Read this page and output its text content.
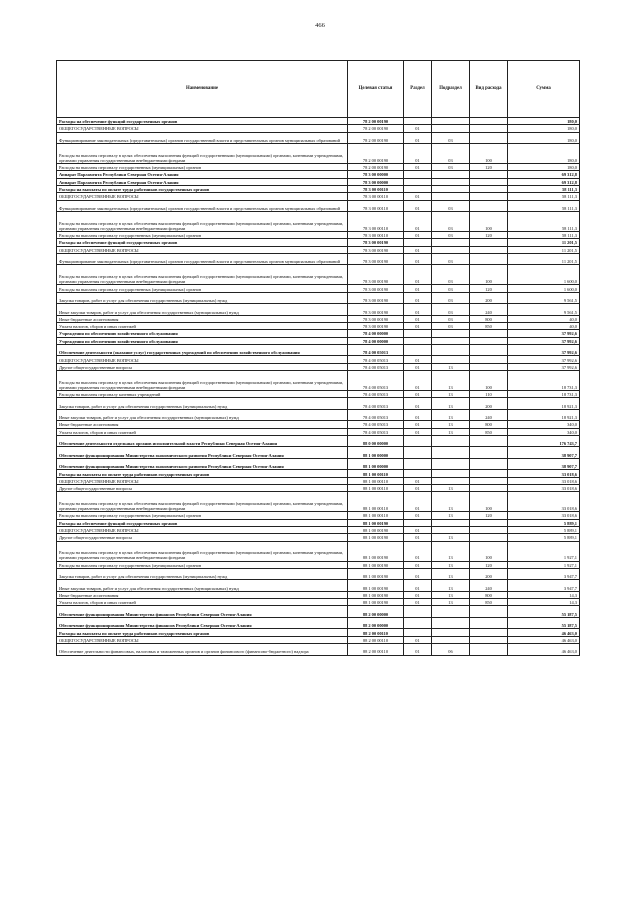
466
Наименование	Целевая статья	Раздел	Подраздел	Вид расхода	Сумма
Расходы на обеспечение функций государственных органов	78 2 00 00190				180,0
ОБЩЕГОСУДАРСТВЕННЫЕ ВОПРОСЫ	78 2 00 00190	01			180,0
Функционирование законодательных (представительных) органов государственной власти и представительных органов муниципальных образований	78 2 00 00190	01	03		180,0
Расходы на выплаты персоналу в целях обеспечения выполнения функций государственными (муниципальными) органами, казенными учреждениями, органами управления государственными внебюджетными фондами	78 2 00 00190	01	03	100	180,0
Расходы на выплаты персоналу государственных (муниципальных) органов	78 2 00 00190	01	03	120	180,0
Аппарат Парламента Республики Северная Осетия-Алания	78 3 00 00000				69 312,8
Аппарат Парламента Республики Северная Осетия-Алания	78 3 00 00000				69 312,8
Расходы на выплаты по оплате труда работников государственных органов	78 3 00 00110				58 111,3
ОБЩЕГОСУДАРСТВЕННЫЕ ВОПРОСЫ	78 3 00 00110	01			58 111,3
Функционирование законодательных (представительных) органов государственной власти и представительных органов муниципальных образований	78 3 00 00110	01	03		58 111,3
Расходы на выплаты персоналу в целях обеспечения выполнения функций государственными (муниципальными) органами, казенными учреждениями, органами управления государственными внебюджетными фондами	78 3 00 00110	01	03	100	58 111,3
Расходы на выплаты персоналу государственных (муниципальных) органов	78 3 00 00110	01	03	120	58 111,3
Расходы на обеспечение функций государственных органов	78 3 00 00190				11 201,5
ОБЩЕГОСУДАРСТВЕННЫЕ ВОПРОСЫ	78 3 00 00190	01			11 201,5
Функционирование законодательных (представительных) органов государственной власти и представительных органов муниципальных образований	78 3 00 00190	01	03		11 201,5
Расходы на выплаты персоналу в целях обеспечения выполнения функций государственными (муниципальными) органами, казенными учреждениями, органами управления государственными внебюджетными фондами	78 3 00 00190	01	03	100	1 600,0
Расходы на выплаты персоналу государственных (муниципальных) органов	78 3 00 00190	01	03	120	1 600,0
Закупка товаров, работ и услуг для обеспечения государственных (муниципальных) нужд	78 3 00 00190	01	03	200	9 561,5
Иные закупки товаров, работ и услуг для обеспечения государственных (муниципальных) нужд	78 3 00 00190	01	03	240	9 561,5
Иные бюджетные ассигнования	78 3 00 00190	01	03	800	40,0
Уплата налогов, сборов и иных платежей	78 3 00 00190	01	03	850	40,0
Учреждения по обеспечению хозяйственного обслуживания	78 4 00 00000				37 992,6
Учреждения по обеспечению хозяйственного обслуживания	78 4 00 00000				37 992,6
Обеспечение деятельности (оказание услуг) государственных учреждений по обеспечению хозяйственного обслуживания	78 4 00 05013				37 992,6
ОБЩЕГОСУДАРСТВЕННЫЕ ВОПРОСЫ	78 4 00 05013	01			37 992,6
Другие общегосударственные вопросы	78 4 00 05013	01	13		37 992,6
Расходы на выплаты персоналу в целях обеспечения выполнения функций государственными (муниципальными) органами, казенными учреждениями, органами управления государственными внебюджетными фондами	78 4 00 05013	01	13	100	18 731,3
Расходы на выплаты персоналу казенных учреждений	78 4 00 05013	01	13	110	18 731,3
Закупка товаров, работ и услуг для обеспечения государственных (муниципальных) нужд	78 4 00 05013	01	13	200	18 921,3
Иные закупки товаров, работ и услуг для обеспечения государственных (муниципальных) нужд	78 4 00 05013	01	13	240	18 921,3
Иные бюджетные ассигнования	78 4 00 05013	01	13	800	340,0
Уплата налогов, сборов и иных платежей	78 4 00 05013	01	13	850	340,0
Обеспечение деятельности отдельных органов исполнительной власти Республики Северная Осетия-Алания	88 0 00 00000				176 743,7
Обеспечение функционирования Министерства экономического развития Республики Северная Осетия-Алания	88 1 00 00000				38 907,7
Обеспечение функционирования Министерства экономического развития Республики Северная Осетия-Алания	88 1 00 00000				38 907,7
Расходы на выплаты по оплате труда работников государственных органов	88 1 00 00110				33 018,6
ОБЩЕГОСУДАРСТВЕННЫЕ ВОПРОСЫ	88 1 00 00110	01			33 018,6
Другие общегосударственные вопросы	88 1 00 00110	01	13		33 018,6
Расходы на выплаты персоналу в целях обеспечения выполнения функций государственными (муниципальными) органами, казенными учреждениями, органами управления государственными внебюджетными фондами	88 1 00 00110	01	13	100	33 018,6
Расходы на выплаты персоналу государственных (муниципальных) органов	88 1 00 00110	01	13	120	33 018,6
Расходы на обеспечение функций государственных органов	88 1 00 00190				5 889,1
ОБЩЕГОСУДАРСТВЕННЫЕ ВОПРОСЫ	88 1 00 00190	01			5 889,1
Другие общегосударственные вопросы	88 1 00 00190	01	13		5 889,1
Расходы на выплаты персоналу в целях обеспечения выполнения функций государственными (муниципальными) органами, казенными учреждениями, органами управления государственными внебюджетными фондами	88 1 00 00190	01	13	100	1 927,1
Расходы на выплаты персоналу государственных (муниципальных) органов	88 1 00 00190	01	13	120	1 927,1
Закупка товаров, работ и услуг для обеспечения государственных (муниципальных) нужд	88 1 00 00190	01	13	200	3 947,7
Иные закупки товаров, работ и услуг для обеспечения государственных (муниципальных) нужд	88 1 00 00190	01	13	240	3 947,7
Иные бюджетные ассигнования	88 1 00 00190	01	13	800	14,3
Уплата налогов, сборов и иных платежей	88 1 00 00190	01	13	850	14,3
Обеспечение функционирования Министерства финансов Республики Северная Осетия-Алания	88 2 00 00000				55 187,5
Обеспечение функционирования Министерства финансов Республики Северная Осетия-Алания	88 2 00 00000				55 187,5
Расходы на выплаты по оплате труда работников государственных органов	88 2 00 00110				46 463,0
ОБЩЕГОСУДАРСТВЕННЫЕ ВОПРОСЫ	88 2 00 00110	01			46 463,0
Обеспечение деятельности финансовых, налоговых и таможенных органов и органов финансового (финансово-бюджетного) надзора	88 2 00 00110	01	06		46 463,0
